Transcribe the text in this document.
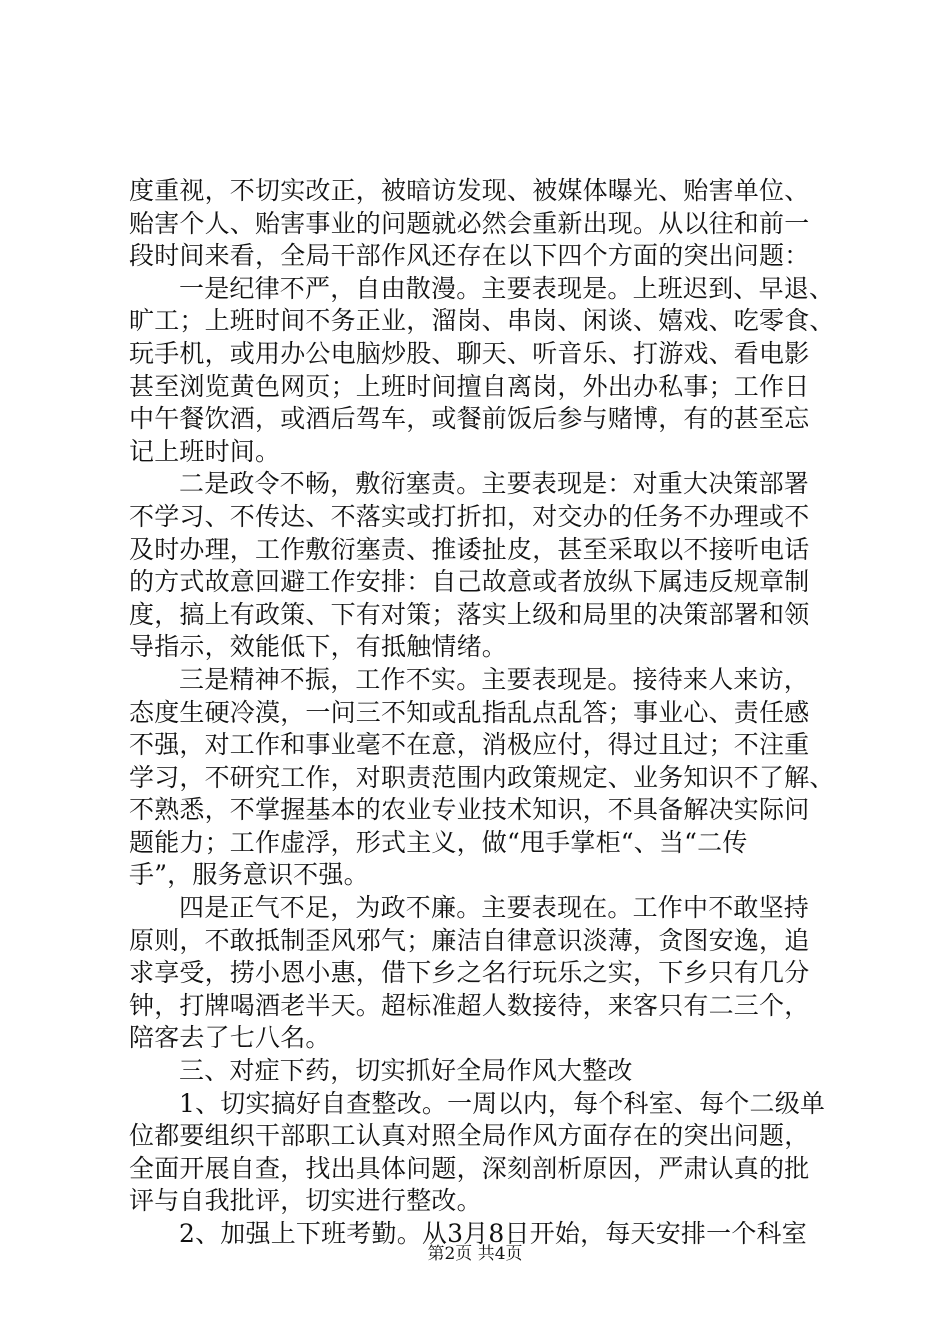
度重视，不切实改正，被暗访发现、被媒体曝光、贻害单位、
贻害个人、贻害事业的问题就必然会重新出现。从以往和前一
段时间来看，全局干部作风还存在以下四个方面的突出问题：
一是纪律不严，自由散漫。主要表现是。上班迟到、早退、
旷工；上班时间不务正业，溜岗、串岗、闲谈、嬉戏、吃零食、
玩手机，或用办公电脑炒股、聊天、听音乐、打游戏、看电影
甚至浏览黄色网页；上班时间擅自离岗，外出办私事；工作日
中午餐饮酒，或酒后驾车，或餐前饭后参与赌博，有的甚至忘
记上班时间。
二是政令不畅，敷衍塞责。主要表现是：对重大决策部署
不学习、不传达、不落实或打折扣，对交办的任务不办理或不
及时办理，工作敷衍塞责、推诿扯皮，甚至采取以不接听电话
的方式故意回避工作安排：自己故意或者放纵下属违反规章制
度，搞上有政策、下有对策；落实上级和局里的决策部署和领
导指示，效能低下，有抵触情绪。
三是精神不振，工作不实。主要表现是。接待来人来访，
态度生硬冷漠，一问三不知或乱指乱点乱答；事业心、责任感
不强，对工作和事业毫不在意，消极应付，得过且过；不注重
学习，不研究工作，对职责范围内政策规定、业务知识不了解、
不熟悉，不掌握基本的农业专业技术知识，不具备解决实际问
题能力；工作虚浮，形式主义，做“甩手掌柜“、当“二传
手”，服务意识不强。
四是正气不足，为政不廉。主要表现在。工作中不敢坚持
原则，不敢抵制歪风邪气；廉洁自律意识淡薄，贪图安逸，追
求享受，捞小恩小惠，借下乡之名行玩乐之实，下乡只有几分
钟，打牌喝酒老半天。超标准超人数接待，来客只有二三个，
陪客去了七八名。
三、对症下药，切实抓好全局作风大整改
1、切实搞好自查整改。一周以内，每个科室、每个二级单
位都要组织干部职工认真对照全局作风方面存在的突出问题，
全面开展自查，找出具体问题，深刻剖析原因，严肃认真的批
评与自我批评，切实进行整改。
2、加强上下班考勤。从3月8日开始，每天安排一个科室
第2页 共4页
